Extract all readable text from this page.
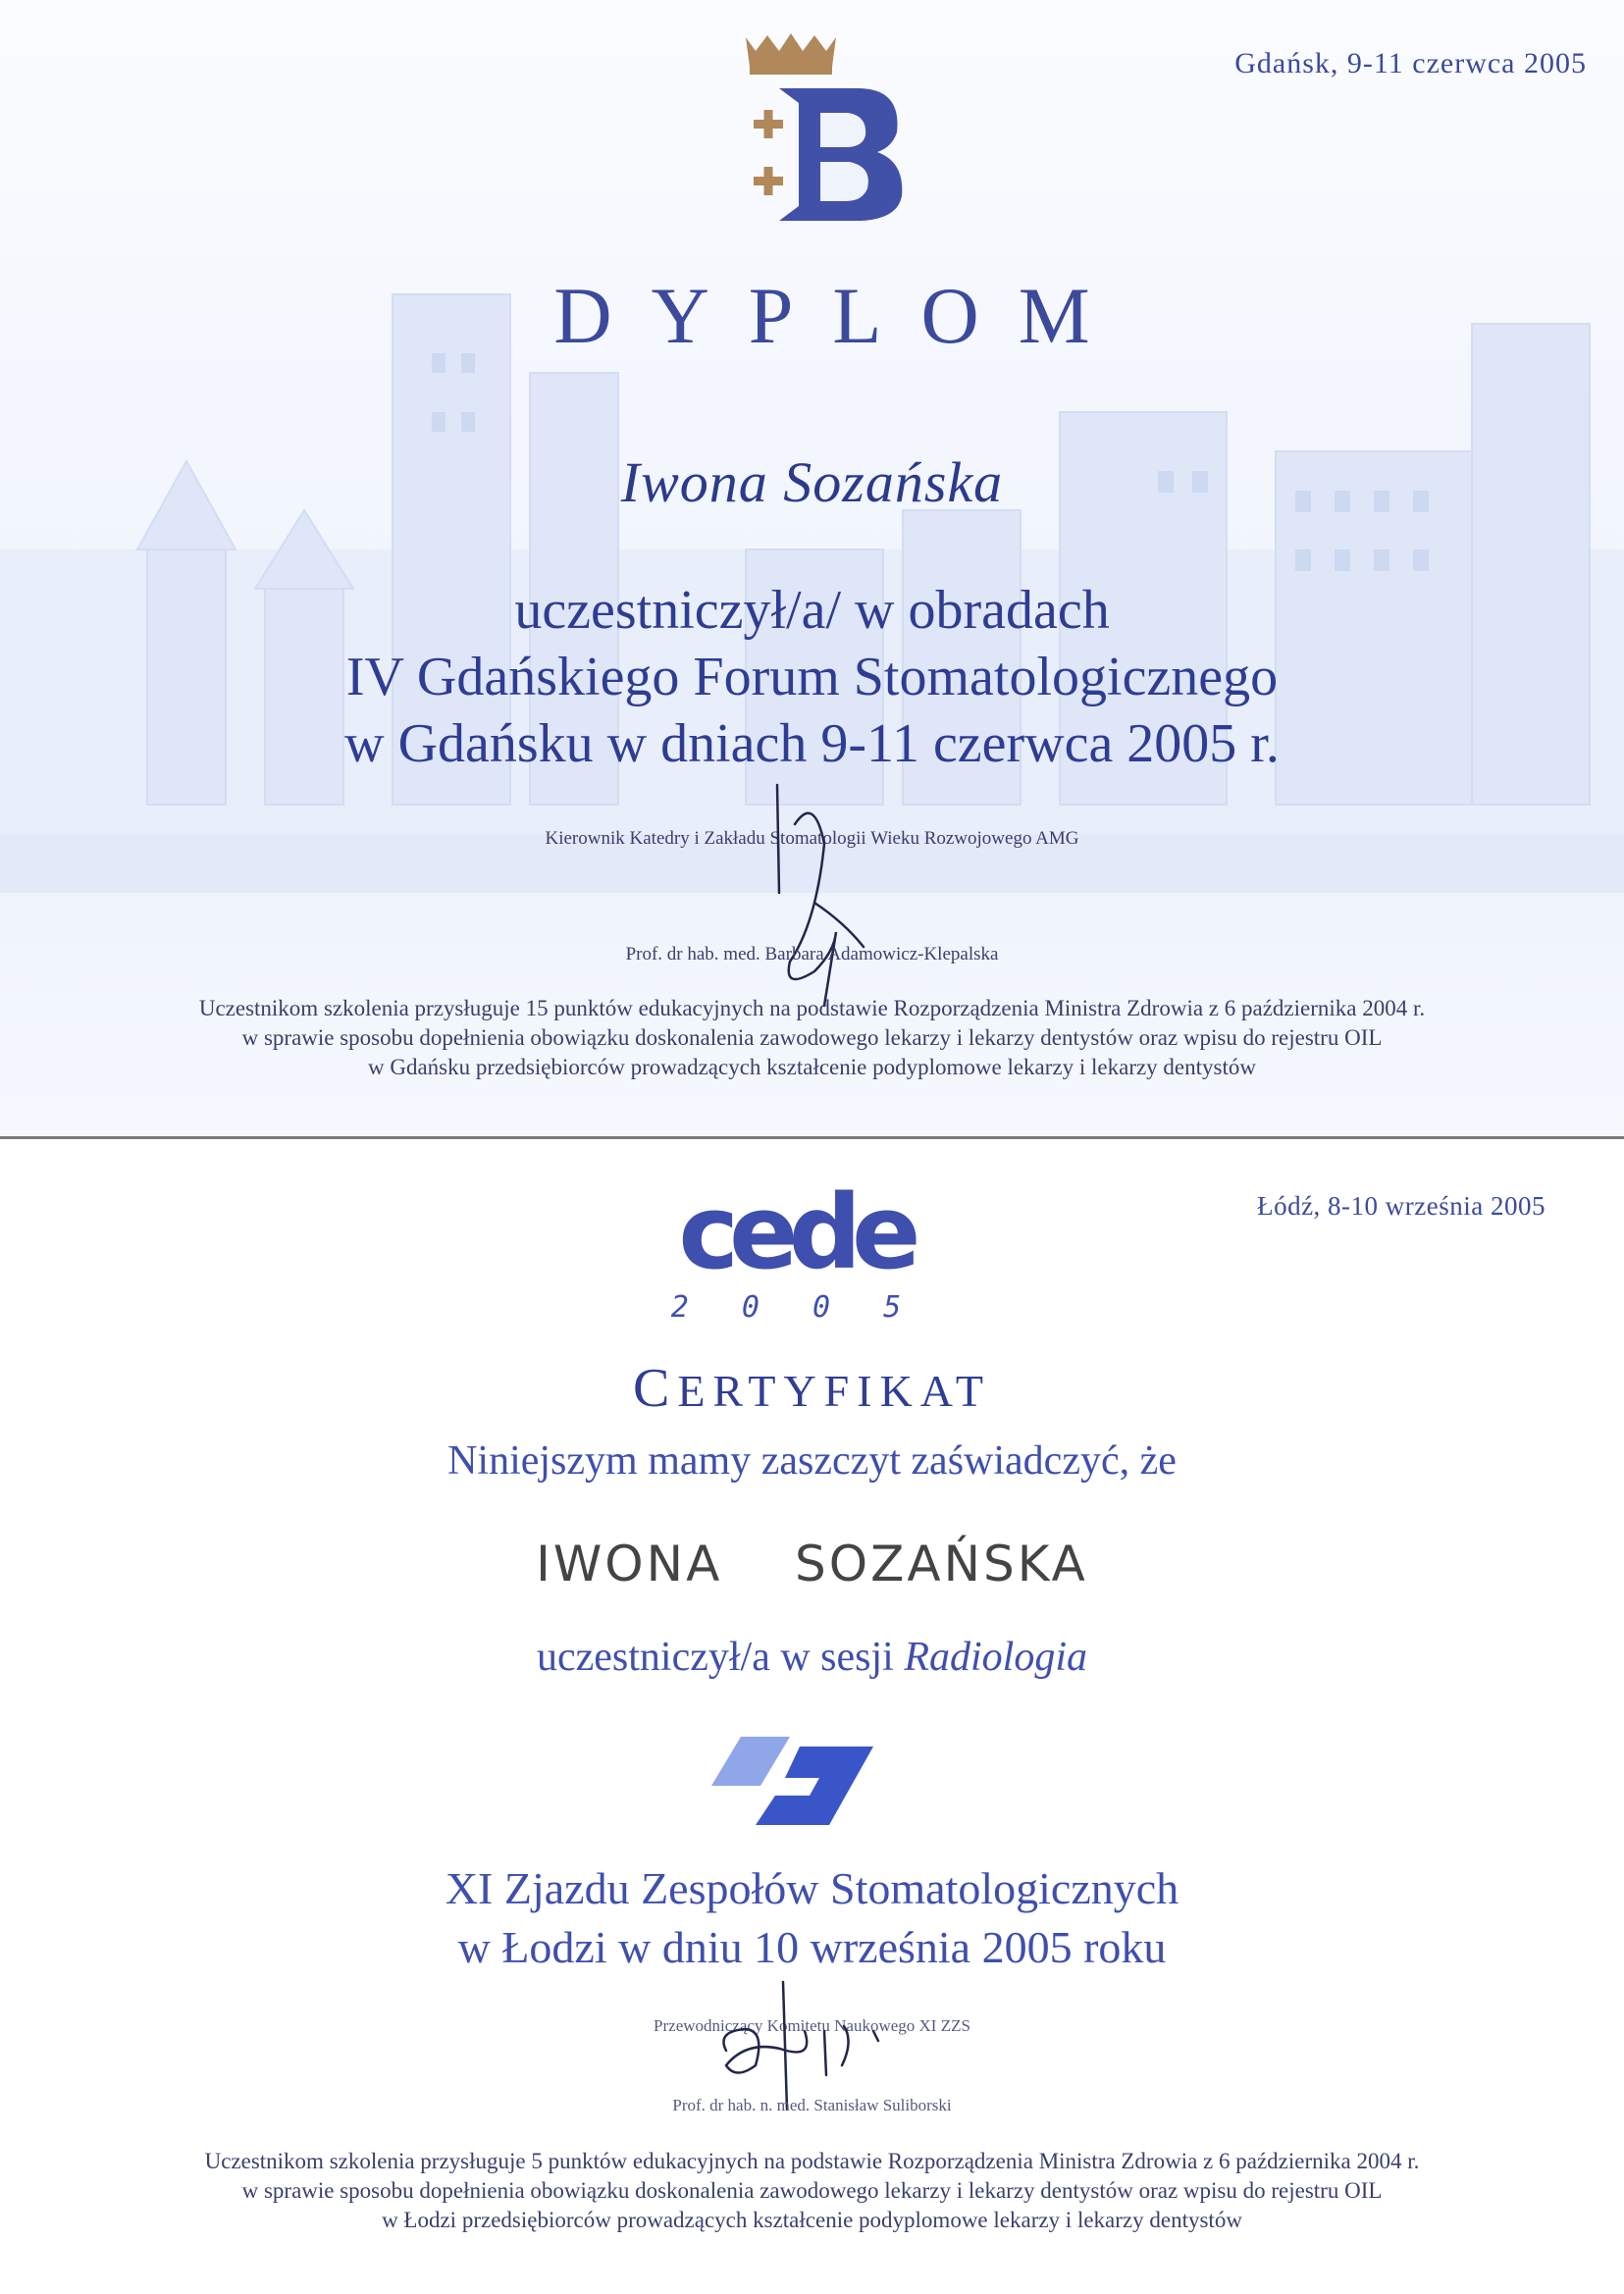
Gdańsk, 9-11 czerwca 2005
DYPLOM
Iwona Sozańska
uczestniczył/a/ w obradach
IV Gdańskiego Forum Stomatologicznego
w Gdańsku w dniach 9-11 czerwca 2005 r.
Kierownik Katedry i Zakładu Stomatologii Wieku Rozwojowego AMG
Prof. dr hab. med. Barbara Adamowicz-Klepalska
Uczestnikom szkolenia przysługuje 15 punktów edukacyjnych na podstawie Rozporządzenia Ministra Zdrowia z 6 października 2004 r.
w sprawie sposobu dopełnienia obowiązku doskonalenia zawodowego lekarzy i lekarzy dentystów oraz wpisu do rejestru OIL
w Gdańsku przedsiębiorców prowadzących kształcenie podyplomowe lekarzy i lekarzy dentystów
Łódź, 8-10 września 2005
cede
2 0 0 5
CERTYFIKAT
Niniejszym mamy zaszczyt zaświadczyć, że
IWONA  SOZAŃSKA
uczestniczył/a w sesji Radiologia
XI Zjazdu Zespołów Stomatologicznych
w Łodzi w dniu 10 września 2005 roku
Przewodniczący Komitetu Naukowego XI ZZS
Prof. dr hab. n. med. Stanisław Suliborski
Uczestnikom szkolenia przysługuje 5 punktów edukacyjnych na podstawie Rozporządzenia Ministra Zdrowia z 6 października 2004 r.
w sprawie sposobu dopełnienia obowiązku doskonalenia zawodowego lekarzy i lekarzy dentystów oraz wpisu do rejestru OIL
w Łodzi przedsiębiorców prowadzących kształcenie podyplomowe lekarzy i lekarzy dentystów
